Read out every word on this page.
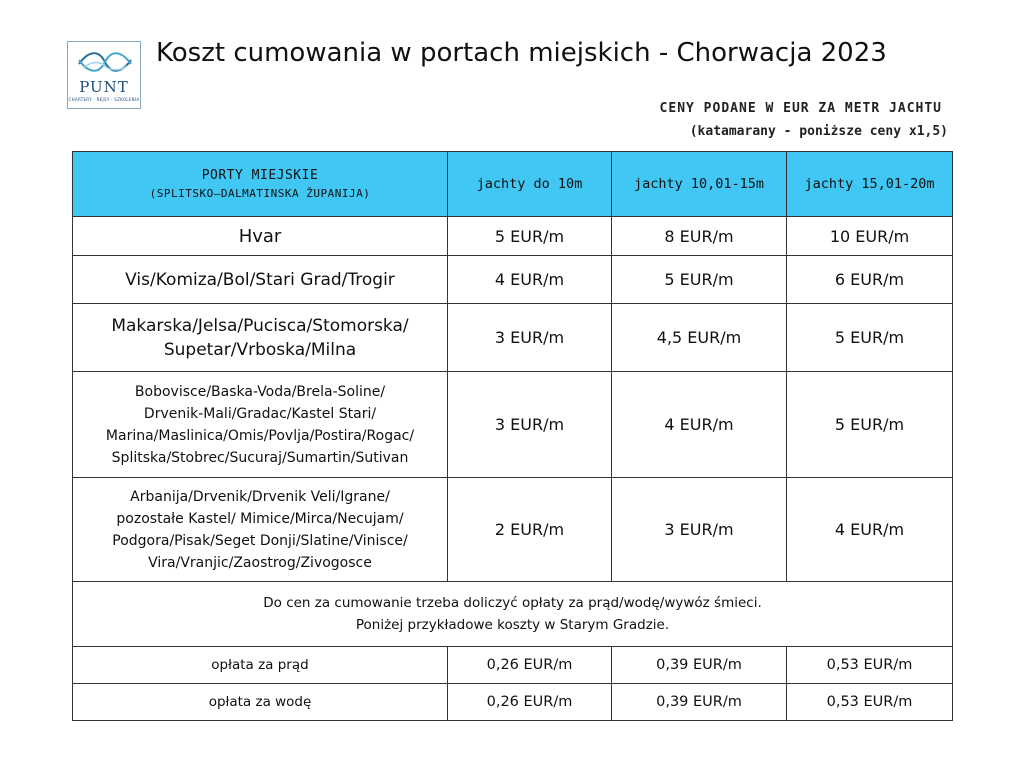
PUNT
CHARTERY · REJSY · SZKOLENIA
Koszt cumowania w portach miejskich - Chorwacja 2023
CENY PODANE W EUR ZA METR JACHTU
(katamarany - poniższe ceny x1,5)
PORTY MIEJSKIE
(SPLITSKO–DALMATINSKA ŽUPANIJA)	jachty do 10m	jachty 10,01-15m	jachty 15,01-20m
Hvar	5 EUR/m	8 EUR/m	10 EUR/m
Vis/Komiza/Bol/Stari Grad/Trogir	4 EUR/m	5 EUR/m	6 EUR/m

Makarska/Jelsa/Pucisca/Stomorska/
Supetar/Vrboska/Milna	3 EUR/m	4,5 EUR/m	5 EUR/m

Bobovisce/Baska-Voda/Brela-Soline/
Drvenik-Mali/Gradac/Kastel Stari/
Marina/Maslinica/Omis/Povlja/Postira/Rogac/
Splitska/Stobrec/Sucuraj/Sumartin/Sutivan	3 EUR/m	4 EUR/m	5 EUR/m

Arbanija/Drvenik/Drvenik Veli/Igrane/
pozostałe Kastel/ Mimice/Mirca/Necujam/
Podgora/Pisak/Seget Donji/Slatine/Vinisce/
Vira/Vranjic/Zaostrog/Zivogosce	2 EUR/m	3 EUR/m	4 EUR/m

Do cen za cumowanie trzeba doliczyć opłaty za prąd/wodę/wywóz śmieci.
Poniżej przykładowe koszty w Starym Gradzie.			

opłata za prąd	0,26 EUR/m	0,39 EUR/m	0,53 EUR/m
opłata za wodę	0,26 EUR/m	0,39 EUR/m	0,53 EUR/m
